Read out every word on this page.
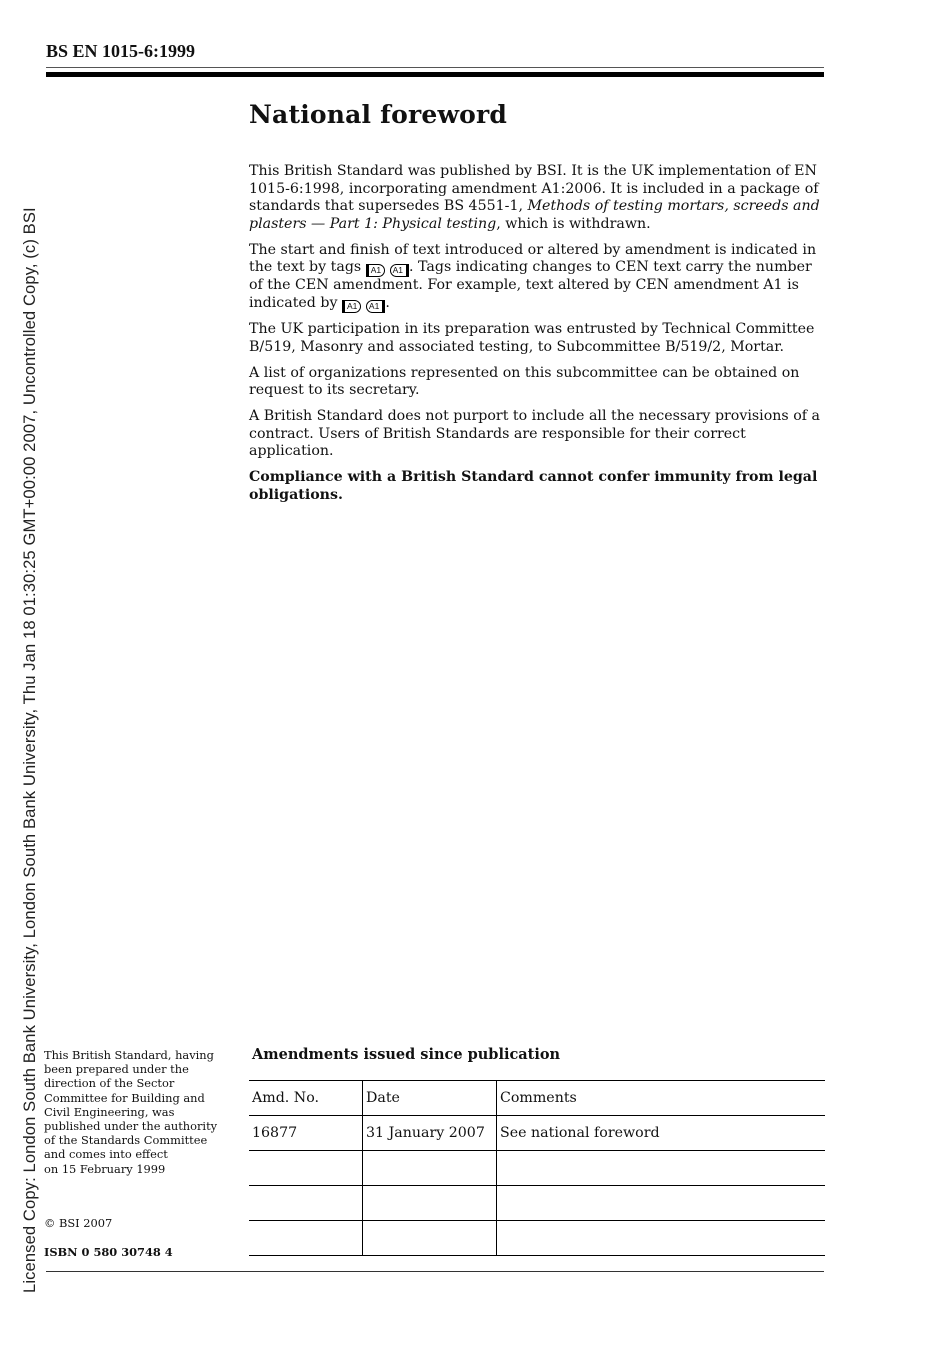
Licensed Copy: London South Bank University, London South Bank University, Thu Jan 18 01:30:25 GMT+00:00 2007, Uncontrolled Copy, (c) BSI
BS EN 1015-6:1999
National foreword

This British Standard was published by BSI. It is the UK implementation of EN 1015-6:1998, incorporating amendment A1:2006. It is included in a package of standards that supersedes BS 4551-1, Methods of testing mortars, screeds and plasters — Part 1: Physical testing, which is withdrawn.

The start and finish of text introduced or altered by amendment is indicated in the text by tags A1 A1 . Tags indicating changes to CEN text carry the number of the CEN amendment. For example, text altered by CEN amendment A1 is indicated by A1 A1 .

The UK participation in its preparation was entrusted by Technical Committee B/519, Masonry and associated testing, to Subcommittee B/519/2, Mortar.

A list of organizations represented on this subcommittee can be obtained on request to its secretary.

A British Standard does not purport to include all the necessary provisions of a contract. Users of British Standards are responsible for their correct application.

Compliance with a British Standard cannot confer immunity from legal obligations.

This British Standard, having
been prepared under the
direction of the Sector
Committee for Building and
Civil Engineering, was
published under the authority
of the Standards Committee
and comes into effect
on 15 February 1999
© BSI 2007
ISBN 0 580 30748 4
Amendments issued since publication
Amd. No.	Date	Comments
16877	31 January 2007	See national foreword
